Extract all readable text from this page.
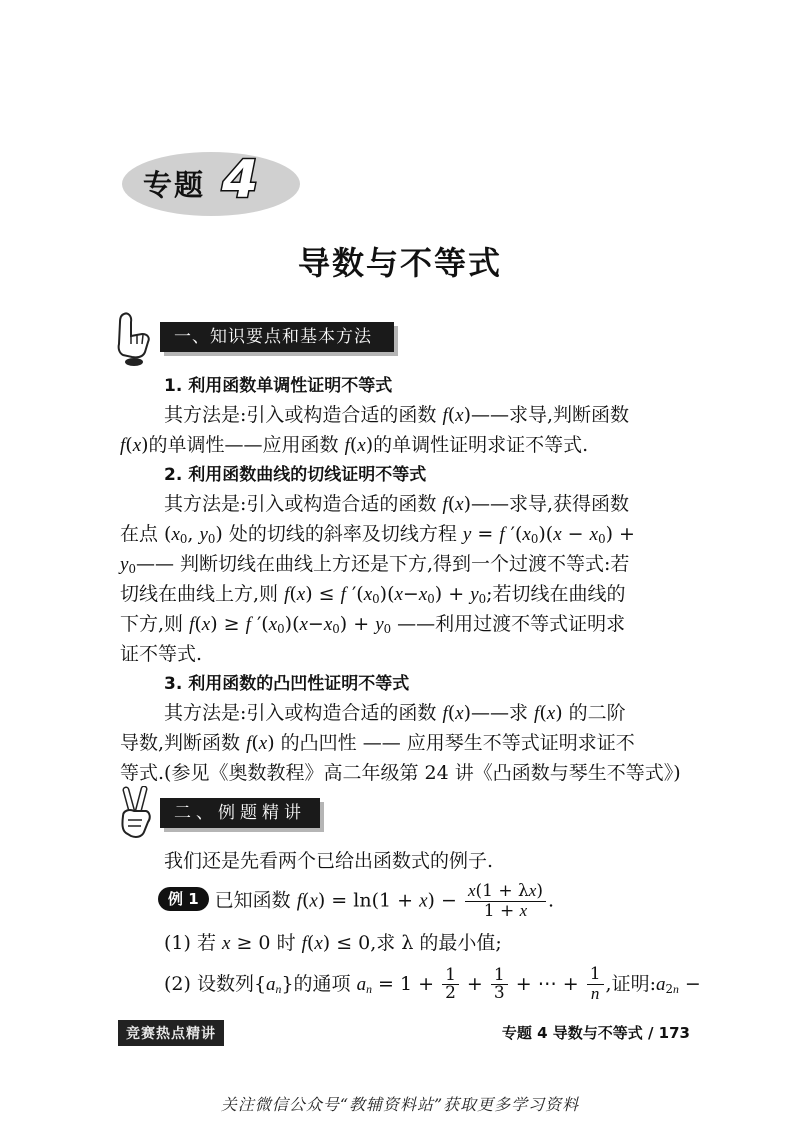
专题 4
导数与不等式
一、知识要点和基本方法
1. 利用函数单调性证明不等式
其方法是:引入或构造合适的函数 f(x)——求导,判断函数
f(x)的单调性——应用函数 f(x)的单调性证明求证不等式.
2. 利用函数曲线的切线证明不等式
其方法是:引入或构造合适的函数 f(x)——求导,获得函数
在点 ($x_0$, $y_0$) 处的切线的斜率及切线方程 y = f $'(x_0)(x - x_0)$ +
$y_0——$ 判断切线在曲线上方还是下方,得到一个过渡不等式:若
切线在曲线上方,则 f(x) ≤ f $'(x_0)(x-x_0) + y_0$;若切线在曲线的
下方,则 f(x) ≥ f $'(x_0)(x-x_0) + y_0$ ——利用过渡不等式证明求
证不等式.
3. 利用函数的凸凹性证明不等式
其方法是:引入或构造合适的函数 f(x)——求 f(x) 的二阶
导数,判断函数 f(x) 的凸凹性 —— 应用琴生不等式证明求证不
等式.(参见《奥数教程》高二年级第 24 讲《凸函数与琴生不等式》)
二、例题精讲
我们还是先看两个已给出函数式的例子.
例 1 已知函数 $f(x) = \ln(1 + x) - \frac{x(1 + \lambda x)}{1 + x}$ .
(1) 若 x ≥ 0 时 f(x) ≤ 0,求 λ 的最小值;
(2) 设数列$\{a_n\}$的通项 $a_n = 1 + \frac{1}{2} + \frac{1}{3}$ + ⋯ + $\frac{1}{n}$ ,证明$:a_{2n}$ −
竞赛热点精讲	专题 4 导数与不等式 / 173
关注微信公众号“教辅资料站”获取更多学习资料
